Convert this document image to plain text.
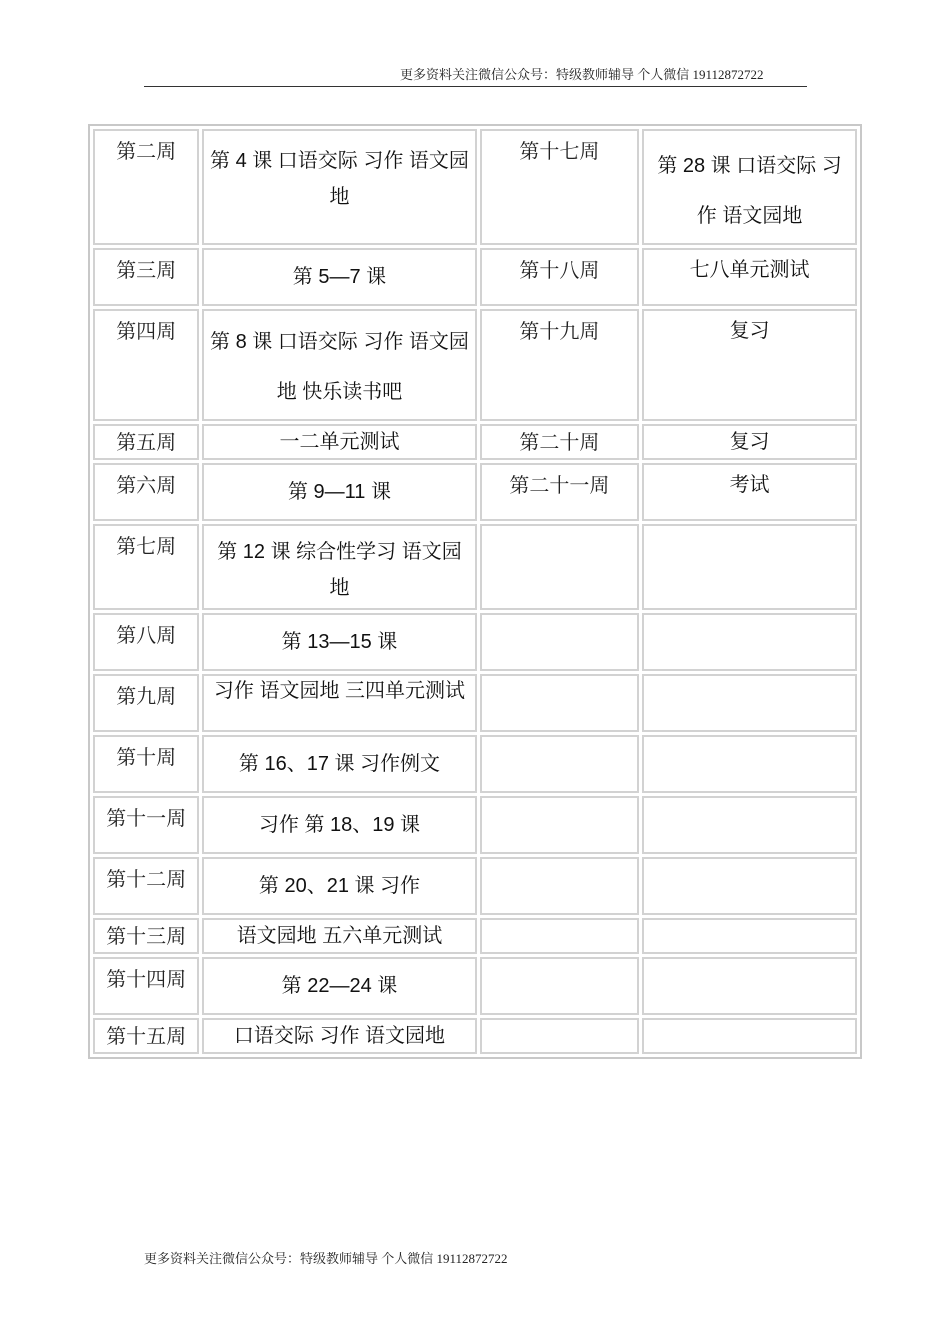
更多资料关注微信公众号：特级教师辅导 个人微信 19112872722
第二周	第 4 课 口语交际 习作 语文园地	第十七周	第 28 课 口语交际 习作 语文园地
第三周	第 5—7 课	第十八周	七八单元测试
第四周	第 8 课 口语交际 习作 语文园地 快乐读书吧	第十九周	复习
第五周	一二单元测试	第二十周	复习
第六周	第 9—11 课	第二十一周	考试
第七周	第 12 课 综合性学习 语文园地		
第八周	第 13—15 课		
第九周	习作 语文园地 三四单元测试		
第十周	第 16、17 课 习作例文		
第十一周	习作 第 18、19 课		
第十二周	第 20、21 课 习作		
第十三周	语文园地 五六单元测试		
第十四周	第 22—24 课		
第十五周	口语交际 习作 语文园地		
更多资料关注微信公众号：特级教师辅导 个人微信 19112872722
